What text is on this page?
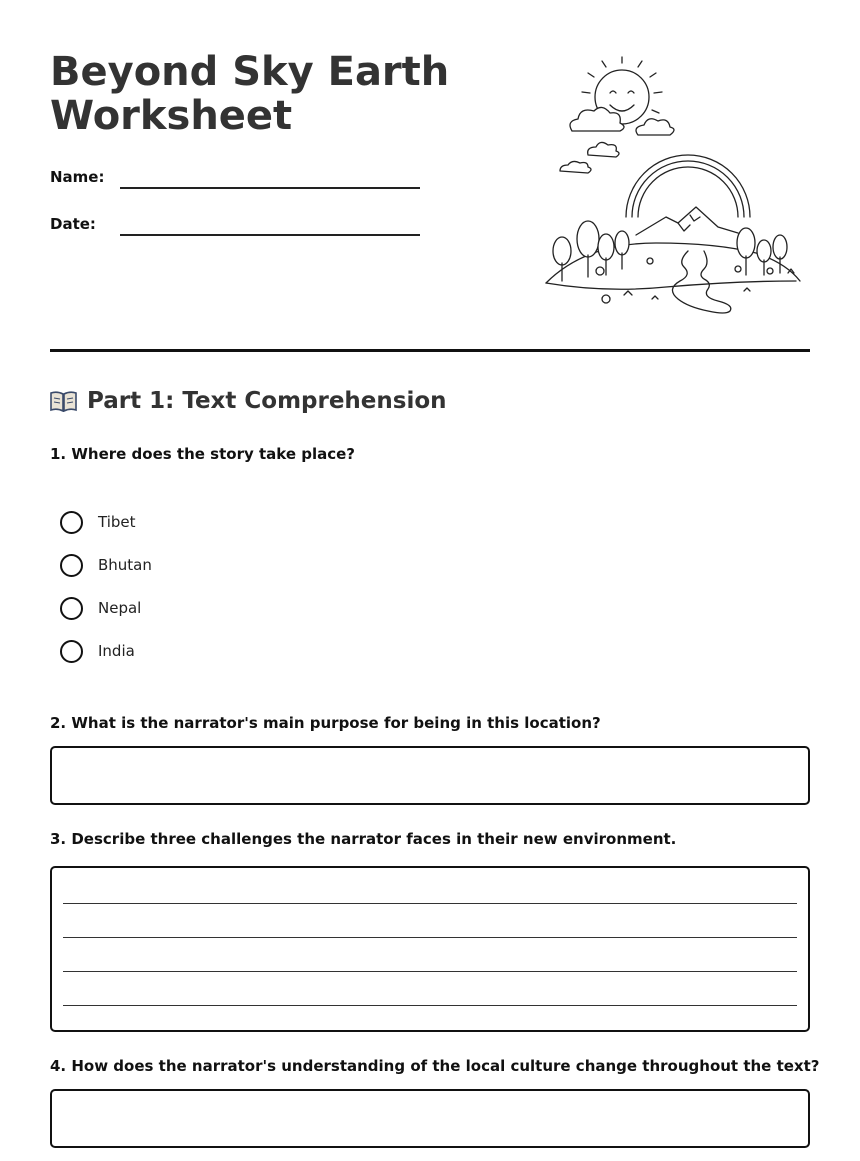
Beyond Sky Earth
Worksheet
Name:
Date:
Part 1: Text Comprehension

1. Where does the story take place?

Tibet
Bhutan
Nepal
India

2. What is the narrator's main purpose for being in this location?

3. Describe three challenges the narrator faces in their new environment.

4. How does the narrator's understanding of the local culture change throughout the text?
